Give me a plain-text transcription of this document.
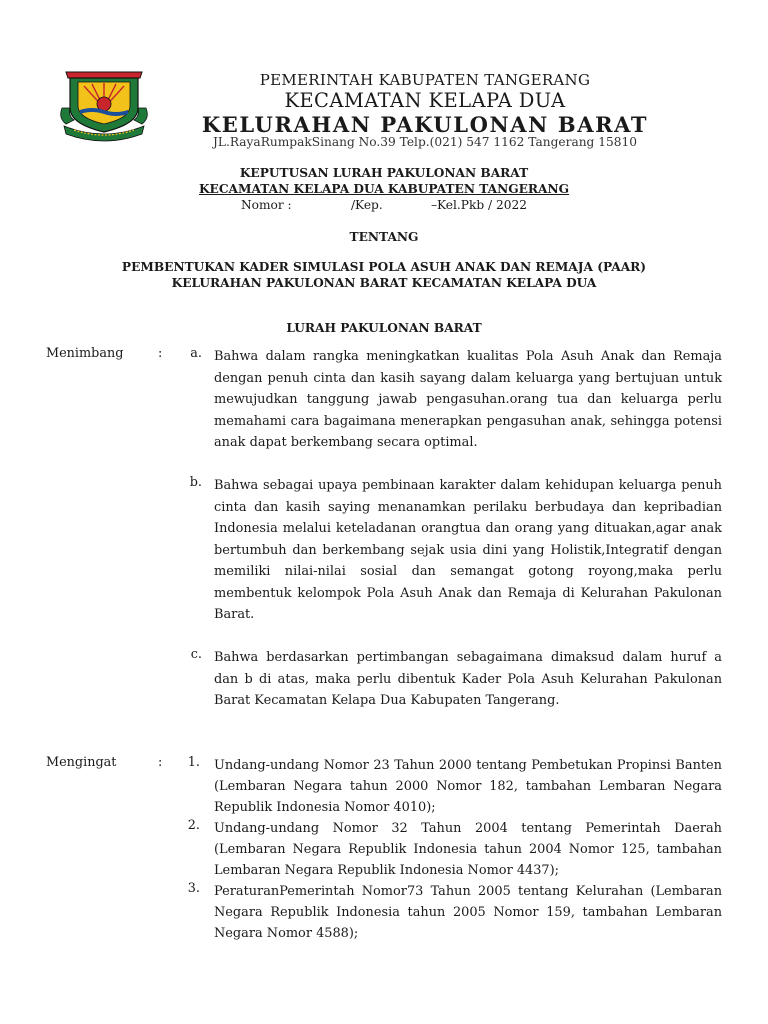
PEMERINTAH KABUPATEN TANGERANG
KECAMATAN KELAPA DUA
KELURAHAN PAKULONAN BARAT
JL.RayaRumpakSinang No.39 Telp.(021) 547 1162 Tangerang 15810
KEPUTUSAN LURAH PAKULONAN BARAT
KECAMATAN KELAPA DUA KABUPATEN TANGERANG
Nomor :	/Kep.	–Kel.Pkb / 2022
TENTANG
PEMBENTUKAN KADER SIMULASI POLA ASUH ANAK DAN REMAJA (PAAR)
KELURAHAN PAKULONAN BARAT KECAMATAN KELAPA DUA
LURAH PAKULONAN BARAT
Menimbang	:	a. Bahwa dalam rangka meningkatkan kualitas Pola Asuh Anak dan Remaja dengan penuh cinta dan kasih sayang dalam keluarga yang bertujuan untuk mewujudkan tanggung jawab pengasuhan.orang tua dan keluarga perlu memahami cara bagaimana menerapkan pengasuhan anak, sehingga potensi anak dapat berkembang secara optimal.
b. Bahwa sebagai upaya pembinaan karakter dalam kehidupan keluarga penuh cinta dan kasih saying menanamkan perilaku berbudaya dan kepribadian Indonesia melalui keteladanan orangtua dan orang yang dituakan,agar anak bertumbuh dan berkembang sejak usia dini yang Holistik,Integratif dengan memiliki nilai-nilai sosial dan semangat gotong royong,maka perlu membentuk kelompok Pola Asuh Anak dan Remaja di Kelurahan Pakulonan Barat.
c. Bahwa berdasarkan pertimbangan sebagaimana dimaksud dalam huruf a dan b di atas, maka perlu dibentuk Kader Pola Asuh Kelurahan Pakulonan Barat Kecamatan Kelapa Dua Kabupaten Tangerang.
Mengingat	:	1. Undang-undang Nomor 23 Tahun 2000 tentang Pembetukan Propinsi Banten (Lembaran Negara tahun 2000 Nomor 182, tambahan Lembaran Negara Republik Indonesia Nomor 4010);
2. Undang-undang Nomor 32 Tahun 2004 tentang Pemerintah Daerah (Lembaran Negara Republik Indonesia tahun 2004 Nomor 125, tambahan Lembaran Negara Republik Indonesia Nomor 4437);
3. PeraturanPemerintah Nomor73 Tahun 2005 tentang Kelurahan (Lembaran Negara Republik Indonesia tahun 2005 Nomor 159, tambahan Lembaran Negara Nomor 4588);
